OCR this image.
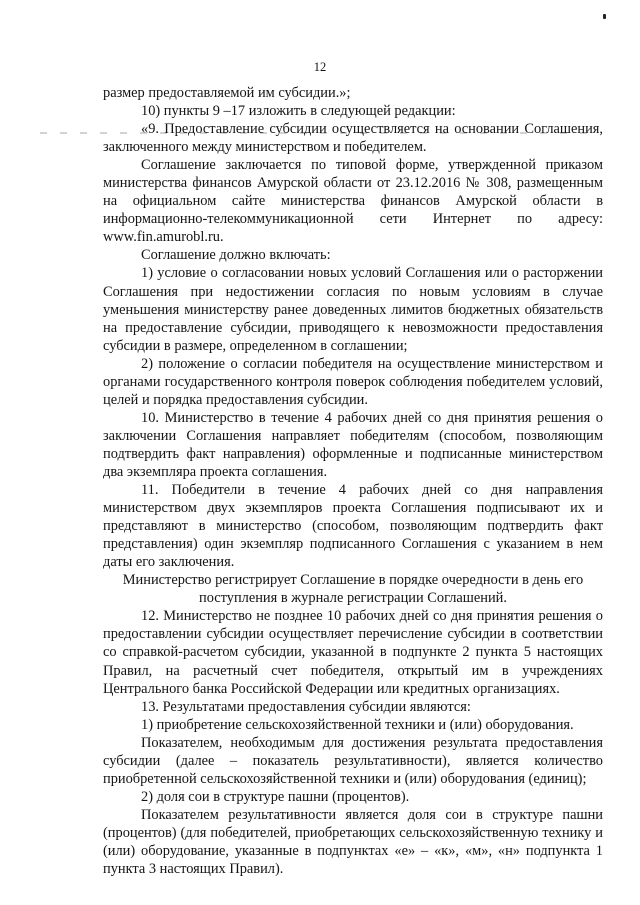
12

размер предоставляемой им субсидии.»;

10) пункты 9 –17 изложить в следующей редакции:

«9. Предоставление субсидии осуществляется на основании Соглашения, заключенного между министерством и победителем.

Соглашение заключается по типовой форме, утвержденной приказом министерства финансов Амурской области от 23.12.2016 № 308, размещенным на официальном сайте министерства финансов Амурской области в информационно-телекоммуникационной сети Интернет по адресу: www.fin.amurobl.ru.

Соглашение должно включать:

1) условие о согласовании новых условий Соглашения или о расторжении Соглашения при недостижении согласия по новым условиям в случае уменьшения министерству ранее доведенных лимитов бюджетных обязательств на предоставление субсидии, приводящего к невозможности предоставления субсидии в размере, определенном в соглашении;

2) положение о согласии победителя на осуществление министерством и органами государственного контроля поверок соблюдения победителем условий, целей и порядка предоставления субсидии.

10. Министерство в течение 4 рабочих дней со дня принятия решения о заключении Соглашения направляет победителям (способом, позволяющим подтвердить факт направления) оформленные и подписанные министерством два экземпляра проекта соглашения.

11. Победители в течение 4 рабочих дней со дня направления министерством двух экземпляров проекта Соглашения подписывают их и представляют в министерство (способом, позволяющим подтвердить факт представления) один экземпляр подписанного Соглашения с указанием в нем даты его заключения.

Министерство регистрирует Соглашение в порядке очередности в день его поступления в журнале регистрации Соглашений.

12. Министерство не позднее 10 рабочих дней со дня принятия решения о предоставлении субсидии осуществляет перечисление субсидии в соответствии со справкой-расчетом субсидии, указанной в подпункте 2 пункта 5 настоящих Правил, на расчетный счет победителя, открытый им в учреждениях Центрального банка Российской Федерации или кредитных организациях.

13. Результатами предоставления субсидии являются:

1) приобретение сельскохозяйственной техники и (или) оборудования.

Показателем, необходимым для достижения результата предоставления субсидии (далее – показатель результативности), является количество приобретенной сельскохозяйственной техники и (или) оборудования (единиц);

2) доля сои в структуре пашни (процентов).

Показателем результативности является доля сои в структуре пашни (процентов) (для победителей, приобретающих сельскохозяйственную технику и (или) оборудование, указанные в подпунктах «е» – «к», «м», «н» подпункта 1 пункта 3 настоящих Правил).
